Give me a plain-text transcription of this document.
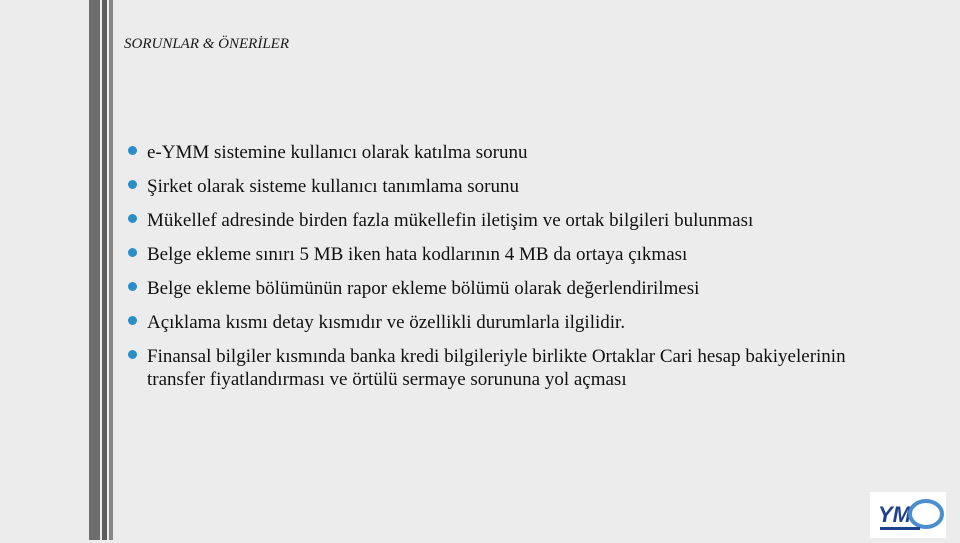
SORUNLAR & ÖNERİLER
e-YMM sistemine kullanıcı olarak katılma sorunu
Şirket olarak sisteme kullanıcı tanımlama sorunu
Mükellef adresinde birden fazla mükellefin iletişim ve ortak bilgileri bulunması
Belge ekleme sınırı 5 MB iken hata kodlarının 4 MB da ortaya çıkması
Belge ekleme bölümünün rapor ekleme bölümü olarak değerlendirilmesi
Açıklama kısmı detay kısmıdır ve özellikli durumlarla ilgilidir.
Finansal bilgiler kısmında banka kredi bilgileriyle birlikte Ortaklar Cari hesap bakiyelerinin transfer fiyatlandırması ve örtülü sermaye sorununa yol açması
YM
